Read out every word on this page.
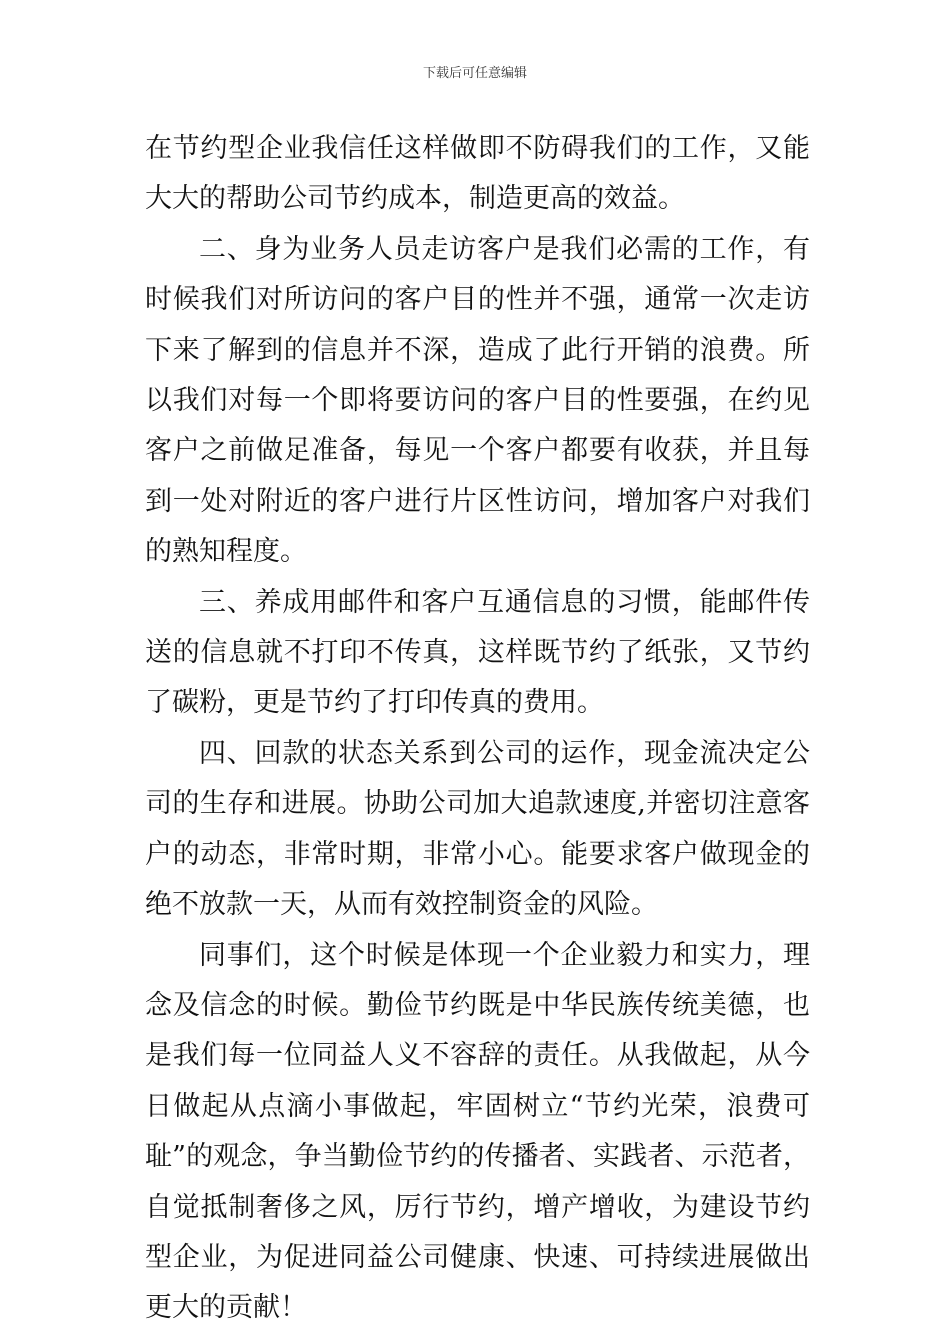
下载后可任意编辑

在节约型企业我信任这样做即不防碍我们的工作，又能大大的帮助公司节约成本，制造更高的效益。

二、身为业务人员走访客户是我们必需的工作，有时候我们对所访问的客户目的性并不强，通常一次走访下来了解到的信息并不深，造成了此行开销的浪费。所以我们对每一个即将要访问的客户目的性要强，在约见客户之前做足准备，每见一个客户都要有收获，并且每到一处对附近的客户进行片区性访问，增加客户对我们的熟知程度。

三、养成用邮件和客户互通信息的习惯，能邮件传送的信息就不打印不传真，这样既节约了纸张，又节约了碳粉，更是节约了打印传真的费用。

四、回款的状态关系到公司的运作，现金流决定公司的生存和进展。协助公司加大追款速度,并密切注意客户的动态，非常时期，非常小心。能要求客户做现金的绝不放款一天，从而有效控制资金的风险。

同事们，这个时候是体现一个企业毅力和实力，理念及信念的时候。勤俭节约既是中华民族传统美德，也是我们每一位同益人义不容辞的责任。从我做起，从今日做起从点滴小事做起，牢固树立“节约光荣，浪费可耻”的观念，争当勤俭节约的传播者、实践者、示范者，自觉抵制奢侈之风，厉行节约，增产增收，为建设节约型企业，为促进同益公司健康、快速、可持续进展做出更大的贡献！
